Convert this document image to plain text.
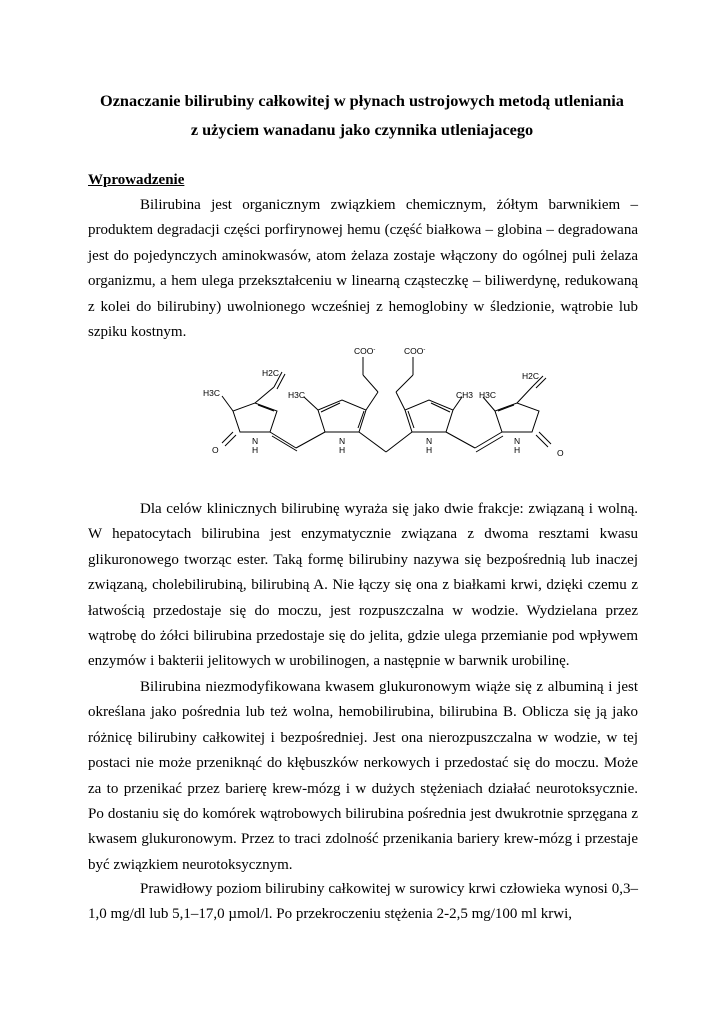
Oznaczanie bilirubiny całkowitej w płynach ustrojowych metodą utleniania
z użyciem wanadanu jako czynnika utleniajacego
Wprowadzenie

Bilirubina jest organicznym związkiem chemicznym, żółtym barwnikiem – produktem degradacji części porfirynowej hemu (część białkowa – globina – degradowana jest do pojedynczych aminokwasów, atom żelaza zostaje włączony do ogólnej puli żelaza organizmu, a hem ulega przekształceniu w linearną cząsteczkę – biliwerdynę, redukowaną z kolei do bilirubiny) uwolnionego wcześniej z hemoglobiny w śledzionie, wątrobie lub szpiku kostnym.

COO-	COO-
H2C	H2C
H3C	H3C	CH3 H3C
O	O
N
H
N
H
N
H
N
H

Dla celów klinicznych bilirubinę wyraża się jako dwie frakcje: związaną i wolną. W hepatocytach bilirubina jest enzymatycznie związana z dwoma resztami kwasu glikuronowego tworząc ester. Taką formę bilirubiny nazywa się bezpośrednią lub inaczej związaną, cholebilirubiną, bilirubiną A. Nie łączy się ona z białkami krwi, dzięki czemu z łatwością przedostaje się do moczu, jest rozpuszczalna w wodzie. Wydzielana przez wątrobę do żółci bilirubina przedostaje się do jelita, gdzie ulega przemianie pod wpływem enzymów i bakterii jelitowych w urobilinogen, a następnie w barwnik urobilinę.

Bilirubina niezmodyfikowana kwasem glukuronowym wiąże się z albuminą i jest określana jako pośrednia lub też wolna, hemobilirubina, bilirubina B. Oblicza się ją jako różnicę bilirubiny całkowitej i bezpośredniej. Jest ona nierozpuszczalna w wodzie, w tej postaci nie może przeniknąć do kłębuszków nerkowych i przedostać się do moczu. Może za to przenikać przez barierę krew-mózg i w dużych stężeniach działać neurotoksycznie. Po dostaniu się do komórek wątrobowych bilirubina pośrednia jest dwukrotnie sprzęgana z kwasem glukuronowym. Przez to traci zdolność przenikania bariery krew-mózg i przestaje być związkiem neurotoksycznym.

Prawidłowy poziom bilirubiny całkowitej w surowicy krwi człowieka wynosi 0,3–1,0 mg/dl lub 5,1–17,0 µmol/l. Po przekroczeniu stężenia 2-2,5 mg/100 ml krwi,
